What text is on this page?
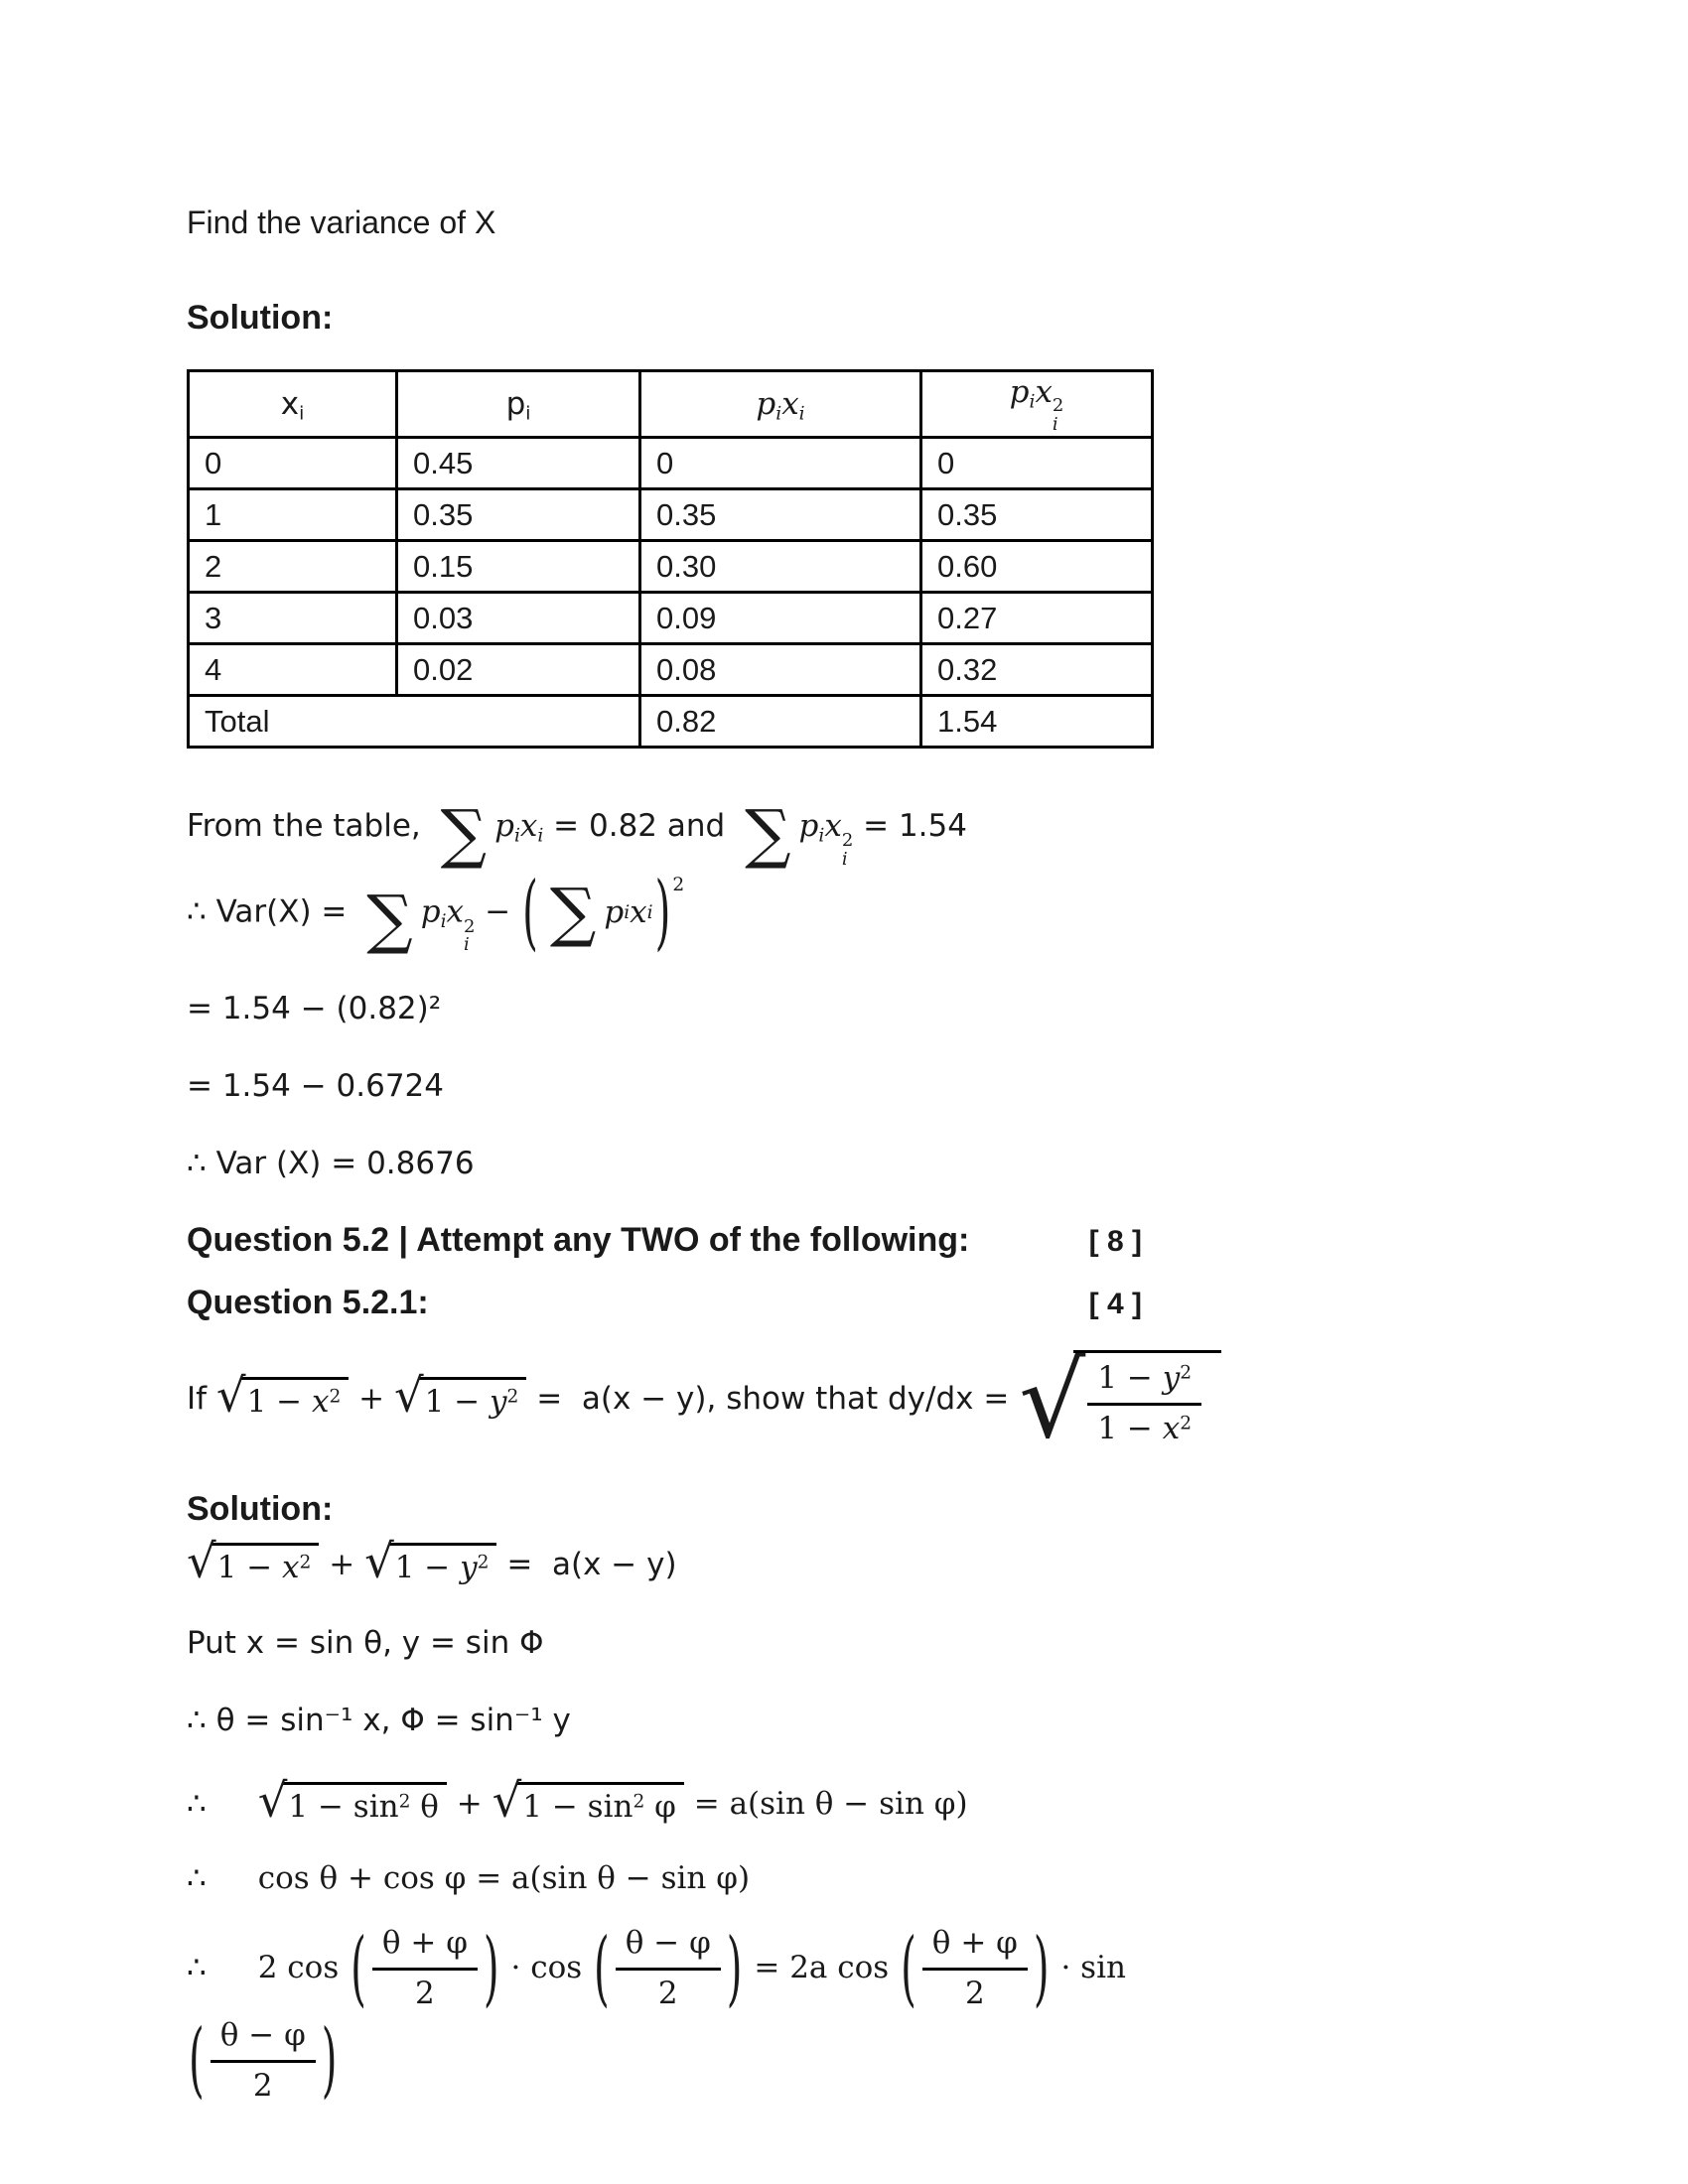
Find the variance of X
Solution:
$x_i$	$p_i$	$p_ix_i$	$p_ix$ 2
i

0	0.45	0	0
1	0.35	0.35	0.35
2	0.15	0.30	0.60
3	0.03	0.09	0.27
4	0.02	0.08	0.32
Total		0.82	1.54
From the table, ∑ $p_ix_i = 0.82$ and ∑ $p_ix$ 2
i
= 1.54
∴ Var(X) = ∑ $p_ix$ 2
i
− ( ∑ p i x i ) $^2$
= 1.54 − (0.82)²
= 1.54 − 0.6724
∴ Var (X) = 0.8676
Question 5.2 | Attempt any TWO of the following:	[ 8 ]
Question 5.2.1:	[ 4 ]
If √ $1 - x^2$ + √ $1 - y^2 = a(x - y)$, show that dy/dx = √ $\frac{1 - y^2}{1 - x^2}$
Solution:
√ $1 - x^2$ + √ $1 - y^2 = a(x - y)$
Put x = sin θ, y = sin Φ
∴ θ = sin⁻¹ x, Φ = sin⁻¹ y
∴ √ $1 - \sin^2 \theta$ + √ $1 - \sin^2 \varphi = a(\sin$ θ − sin φ)
∴ cos θ + cos φ = a(sin θ − sin φ)
∴ 2 cos ( $\frac{\theta + \varphi}{2}$ ) · cos ( $\frac{\theta - \varphi}{2}$ ) = 2a cos ( $\frac{\theta + \varphi}{2}$ ) · sin
( $\frac{\theta - \varphi}{2}$ )
